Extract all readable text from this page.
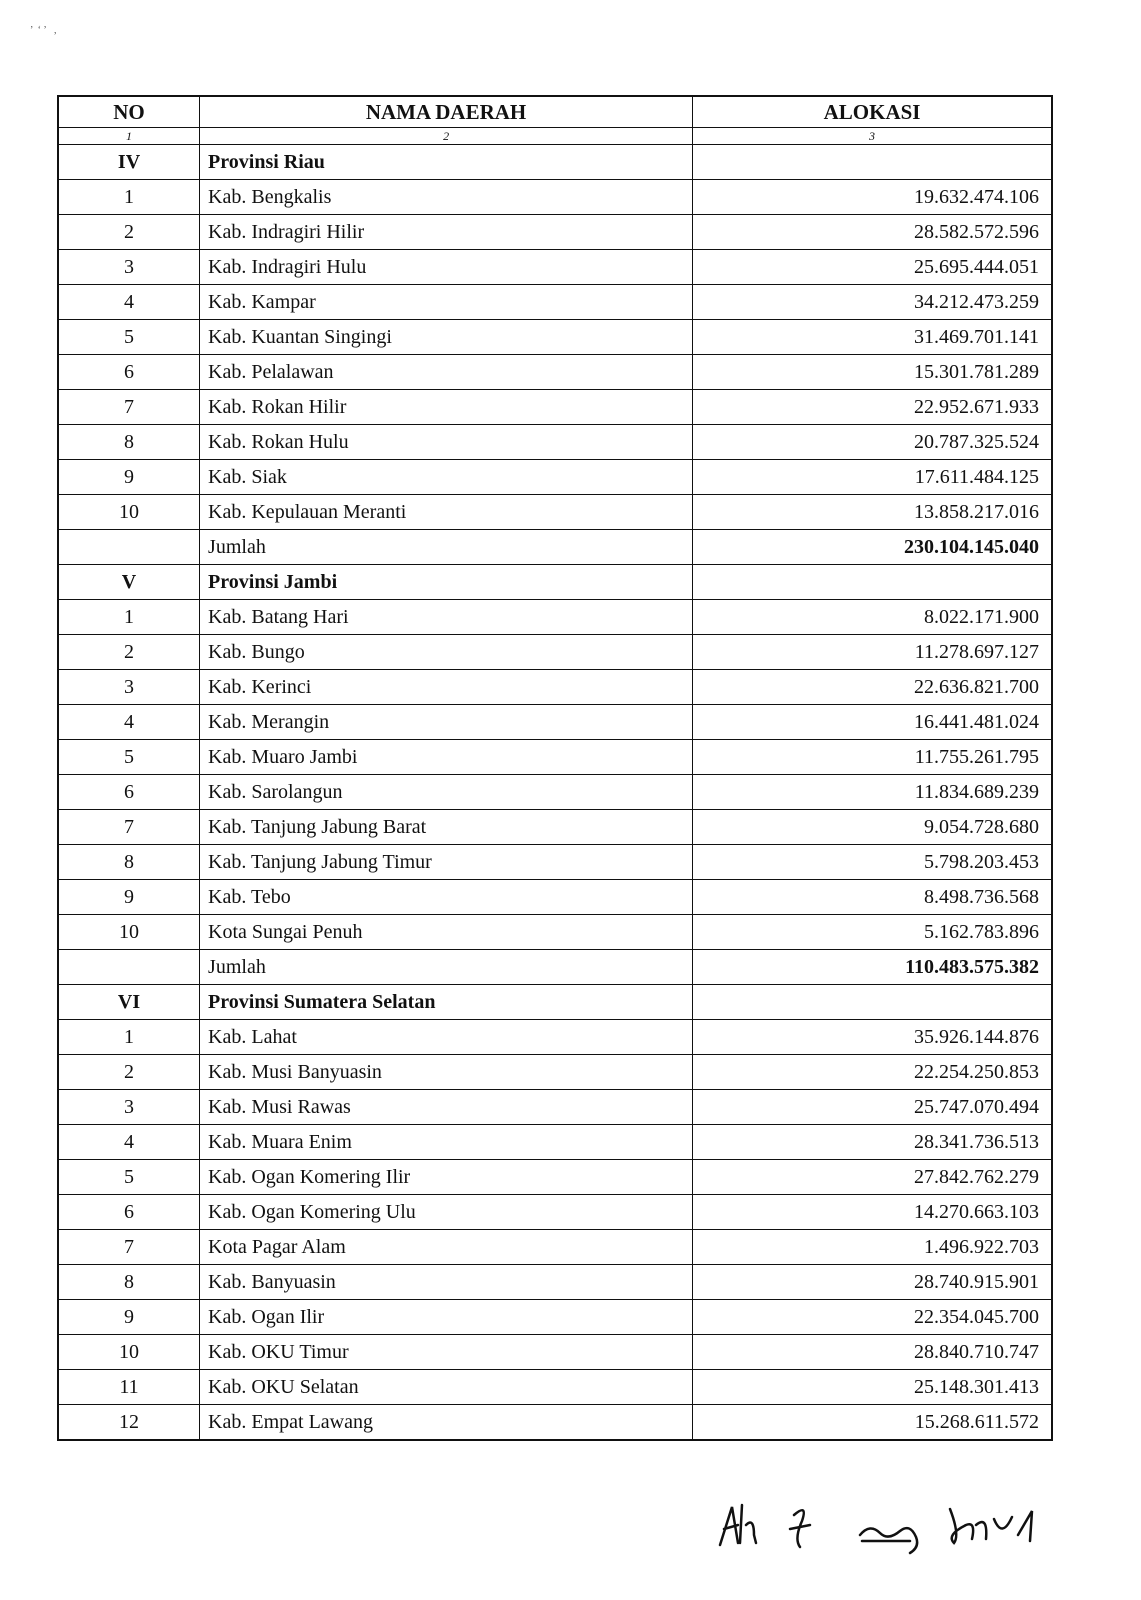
’  ‘ ’   ‚
NO	NAMA DAERAH	ALOKASI
1	2	3
IV	Provinsi Riau	
1	Kab. Bengkalis	19.632.474.106
2	Kab. Indragiri Hilir	28.582.572.596
3	Kab. Indragiri Hulu	25.695.444.051
4	Kab. Kampar	34.212.473.259
5	Kab. Kuantan Singingi	31.469.701.141
6	Kab. Pelalawan	15.301.781.289
7	Kab. Rokan Hilir	22.952.671.933
8	Kab. Rokan Hulu	20.787.325.524
9	Kab. Siak	17.611.484.125
10	Kab. Kepulauan Meranti	13.858.217.016
	Jumlah	230.104.145.040
V	Provinsi Jambi	
1	Kab. Batang Hari	8.022.171.900
2	Kab. Bungo	11.278.697.127
3	Kab. Kerinci	22.636.821.700
4	Kab. Merangin	16.441.481.024
5	Kab. Muaro Jambi	11.755.261.795
6	Kab. Sarolangun	11.834.689.239
7	Kab. Tanjung Jabung Barat	9.054.728.680
8	Kab. Tanjung Jabung Timur	5.798.203.453
9	Kab. Tebo	8.498.736.568
10	Kota Sungai Penuh	5.162.783.896
	Jumlah	110.483.575.382
VI	Provinsi Sumatera Selatan	
1	Kab. Lahat	35.926.144.876
2	Kab. Musi Banyuasin	22.254.250.853
3	Kab. Musi Rawas	25.747.070.494
4	Kab. Muara Enim	28.341.736.513
5	Kab. Ogan Komering Ilir	27.842.762.279
6	Kab. Ogan Komering Ulu	14.270.663.103
7	Kota Pagar Alam	1.496.922.703
8	Kab. Banyuasin	28.740.915.901
9	Kab. Ogan Ilir	22.354.045.700
10	Kab. OKU Timur	28.840.710.747
11	Kab. OKU Selatan	25.148.301.413
12	Kab. Empat Lawang	15.268.611.572
